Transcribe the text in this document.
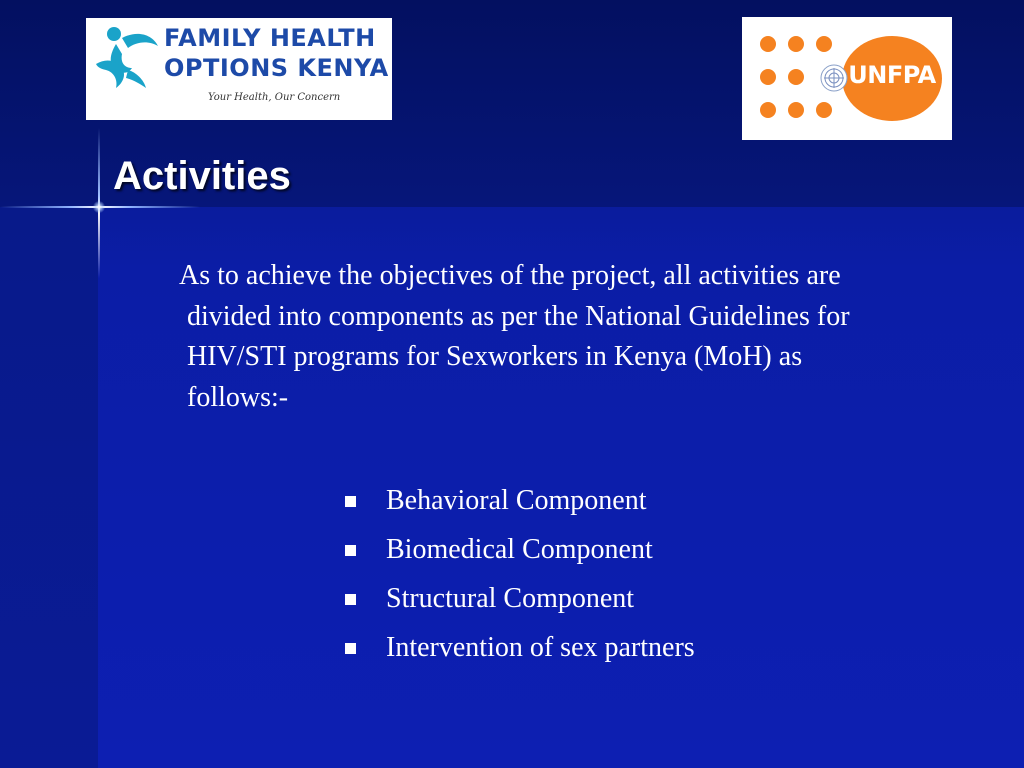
FAMILY HEALTH
OPTIONS KENYA
Your Health, Our Concern
UNFPA
Activities

As to achieve the objectives of the project, all activities are divided into components as per the National Guidelines for HIV/STI programs for Sexworkers in Kenya (MoH) as follows:-

Behavioral Component
Biomedical Component
Structural Component
Intervention of sex partners
